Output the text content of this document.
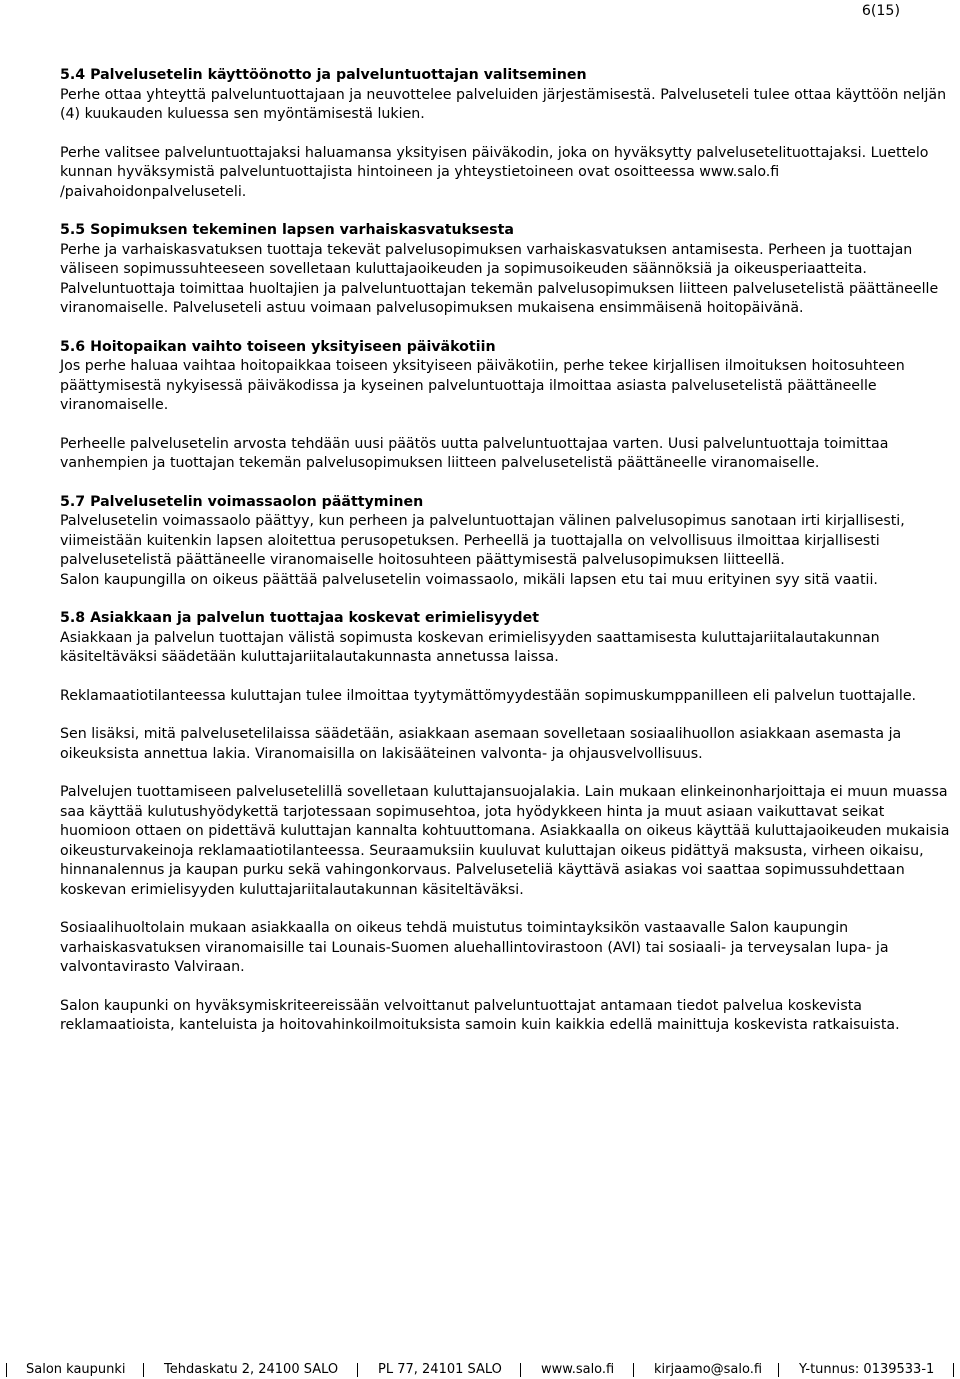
6(15)
5.4 Palvelusetelin käyttöönotto ja palveluntuottajan valitseminen

Perhe ottaa yhteyttä palveluntuottajaan ja neuvottelee palveluiden järjestämisestä. Palveluseteli tulee ottaa käyttöön neljän (4) kuukauden kuluessa sen myöntämisestä lukien.

Perhe valitsee palveluntuottajaksi haluamansa yksityisen päiväkodin, joka on hyväksytty palvelusetelituottajaksi. Luettelo kunnan hyväksymistä palveluntuottajista hintoineen ja yhteystietoineen ovat osoitteessa www.salo.fi /paivahoidonpalveluseteli.

5.5 Sopimuksen tekeminen lapsen varhaiskasvatuksesta

Perhe ja varhaiskasvatuksen tuottaja tekevät palvelusopimuksen varhaiskasvatuksen antamisesta. Perheen ja tuottajan väliseen sopimussuhteeseen sovelletaan kuluttajaoikeuden ja sopimusoikeuden säännöksiä ja oikeusperiaatteita. Palveluntuottaja toimittaa huoltajien ja palveluntuottajan tekemän palvelusopimuksen liitteen palvelusetelistä päättäneelle viranomaiselle. Palveluseteli astuu voimaan palvelusopimuksen mukaisena ensimmäisenä hoitopäivänä.

5.6 Hoitopaikan vaihto toiseen yksityiseen päiväkotiin

Jos perhe haluaa vaihtaa hoitopaikkaa toiseen yksityiseen päiväkotiin, perhe tekee kirjallisen ilmoituksen hoitosuhteen päättymisestä nykyisessä päiväkodissa ja kyseinen palveluntuottaja ilmoittaa asiasta palvelusetelistä päättäneelle viranomaiselle.

Perheelle palvelusetelin arvosta tehdään uusi päätös uutta palveluntuottajaa varten. Uusi palveluntuottaja toimittaa vanhempien ja tuottajan tekemän palvelusopimuksen liitteen palvelusetelistä päättäneelle viranomaiselle.

5.7 Palvelusetelin voimassaolon päättyminen

Palvelusetelin voimassaolo päättyy, kun perheen ja palveluntuottajan välinen palvelusopimus sanotaan irti kirjallisesti, viimeistään kuitenkin lapsen aloitettua perusopetuksen. Perheellä ja tuottajalla on velvollisuus ilmoittaa kirjallisesti palvelusetelistä päättäneelle viranomaiselle hoitosuhteen päättymisestä palvelusopimuksen liitteellä.

Salon kaupungilla on oikeus päättää palvelusetelin voimassaolo, mikäli lapsen etu tai muu erityinen syy sitä vaatii.

5.8 Asiakkaan ja palvelun tuottajaa koskevat erimielisyydet

Asiakkaan ja palvelun tuottajan välistä sopimusta koskevan erimielisyyden saattamisesta kuluttajariitalautakunnan käsiteltäväksi säädetään kuluttajariitalautakunnasta annetussa laissa.

Reklamaatiotilanteessa kuluttajan tulee ilmoittaa tyytymättömyydestään sopimuskumppanilleen eli palvelun tuottajalle.

Sen lisäksi, mitä palvelusetelilaissa säädetään, asiakkaan asemaan sovelletaan sosiaalihuollon asiakkaan asemasta ja oikeuksista annettua lakia. Viranomaisilla on lakisääteinen valvonta- ja ohjausvelvollisuus.

Palvelujen tuottamiseen palvelusetelillä sovelletaan kuluttajansuojalakia. Lain mukaan elinkeinonharjoittaja ei muun muassa saa käyttää kulutushyödykettä tarjotessaan sopimusehtoa, jota hyödykkeen hinta ja muut asiaan vaikuttavat seikat huomioon ottaen on pidettävä kuluttajan kannalta kohtuuttomana. Asiakkaalla on oikeus käyttää kuluttajaoikeuden mukaisia oikeusturvakeinoja reklamaatiotilanteessa. Seuraamuksiin kuuluvat kuluttajan oikeus pidättyä maksusta, virheen oikaisu, hinnanalennus ja kaupan purku sekä vahingonkorvaus. Palveluseteliä käyttävä asiakas voi saattaa sopimussuhdettaan koskevan erimielisyyden kuluttajariitalautakunnan käsiteltäväksi.

Sosiaalihuoltolain mukaan asiakkaalla on oikeus tehdä muistutus toimintayksikön vastaavalle Salon kaupungin varhaiskasvatuksen viranomaisille tai Lounais-Suomen aluehallintovirastoon (AVI) tai sosiaali- ja terveysalan lupa- ja valvontavirasto Valviraan.

Salon kaupunki on hyväksymiskriteereissään velvoittanut palveluntuottajat antamaan tiedot palvelua koskevista reklamaatioista, kanteluista ja hoitovahinkoilmoituksista samoin kuin kaikkia edellä mainittuja koskevista ratkaisuista.

Salon kaupunki	Tehdaskatu 2, 24100 SALO	PL 77, 24101 SALO	www.salo.fi	kirjaamo@salo.fi	Y-tunnus: 0139533-1
